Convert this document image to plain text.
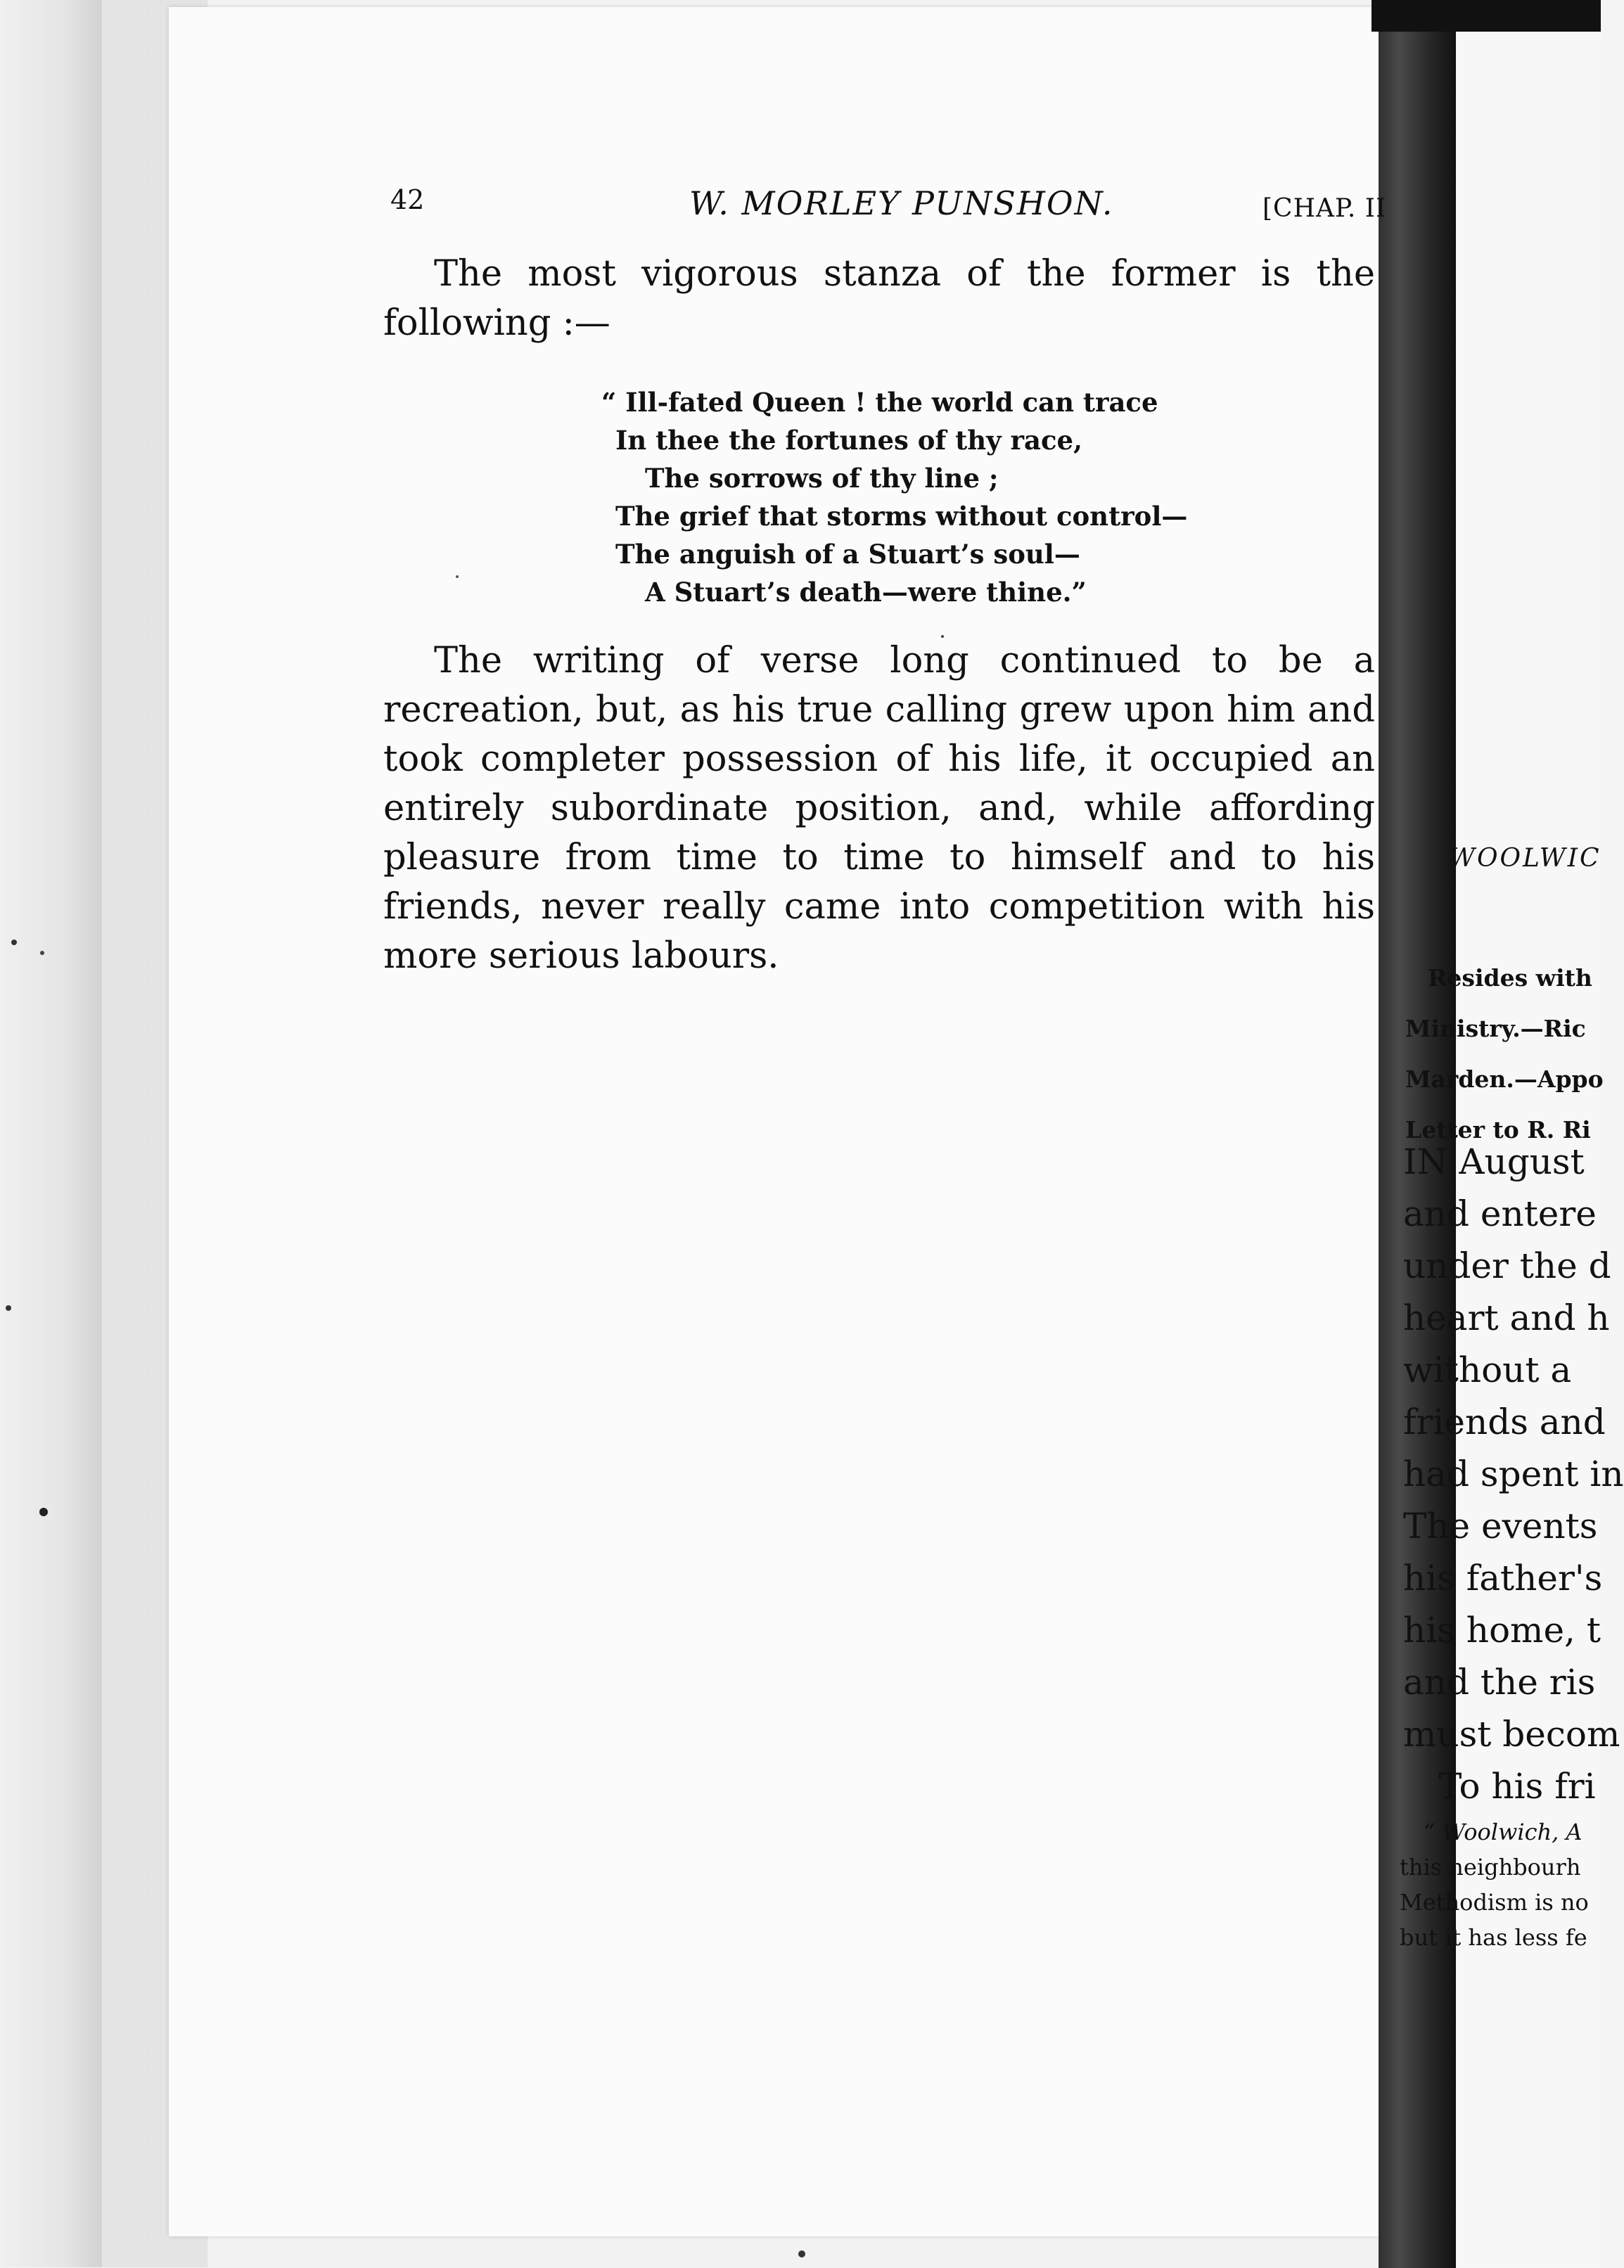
42	W. MORLEY PUNSHON.	[CHAP. II
The most vigorous stanza of the former is the following :—
“ Ill-fated Queen ! the world can trace
In thee the fortunes of thy race,
The sorrows of thy line ;
The grief that storms without control—
The anguish of a Stuart’s soul—
A Stuart’s death—were thine.”
The writing of verse long continued to be a recreation, but, as his true calling grew upon him and took completer possession of his life, it occupied an entirely subordinate position, and, while affording pleasure from time to time to himself and to his friends, never really came into competition with his more serious labours.
WOOLWIC
Resides with
Ministry.—Ric
Marden.—Appo
Letter to R. Ri
IN August
and entere
under the d
heart and h
without a
friends and
had spent in
The events
his father's
his home, t
and the ris
must becom
To his fri
“ Woolwich, A
this neighbourh
Methodism is no
but it has less fe
